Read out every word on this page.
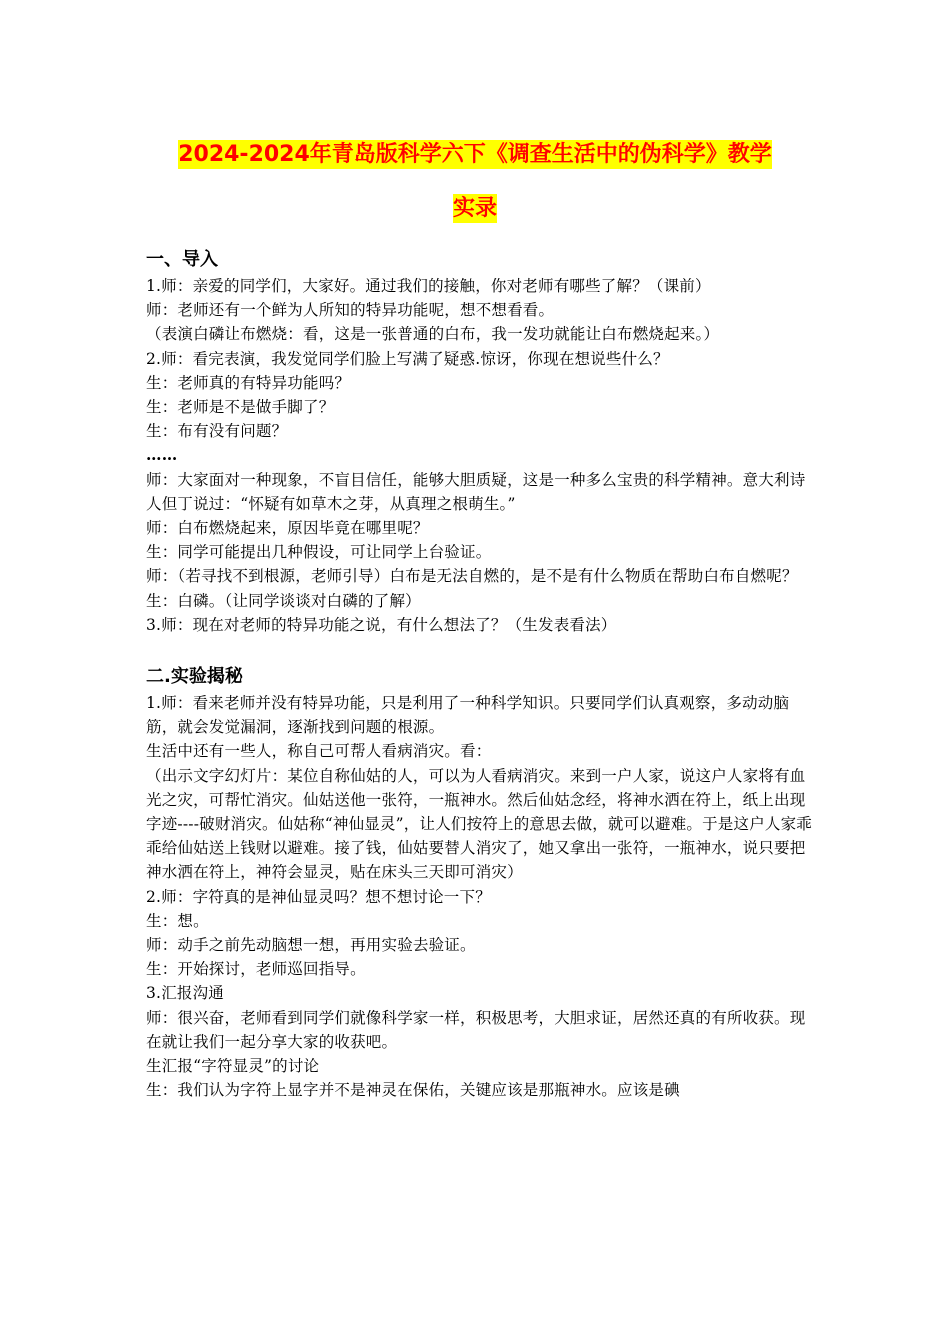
2024-2024年青岛版科学六下《调查生活中的伪科学》教学

实录

一、导入

1.师：亲爱的同学们，大家好。通过我们的接触，你对老师有哪些了解？（课前）

师：老师还有一个鲜为人所知的特异功能呢，想不想看看。

（表演白磷让布燃烧：看，这是一张普通的白布，我一发功就能让白布燃烧起来。）

2.师：看完表演，我发觉同学们脸上写满了疑惑.惊讶，你现在想说些什么？

生：老师真的有特异功能吗？

生：老师是不是做手脚了？

生：布有没有问题？

……

师：大家面对一种现象，不盲目信任，能够大胆质疑，这是一种多么宝贵的科学精神。意大利诗人但丁说过：“怀疑有如草木之芽，从真理之根萌生。”

师：白布燃烧起来，原因毕竟在哪里呢？

生：同学可能提出几种假设，可让同学上台验证。

师：（若寻找不到根源，老师引导）白布是无法自燃的，是不是有什么物质在帮助白布自燃呢？

生：白磷。（让同学谈谈对白磷的了解）

3.师：现在对老师的特异功能之说，有什么想法了？（生发表看法）

二.实验揭秘

1.师：看来老师并没有特异功能，只是利用了一种科学知识。只要同学们认真观察，多动动脑筋，就会发觉漏洞，逐渐找到问题的根源。

生活中还有一些人，称自己可帮人看病消灾。看：

（出示文字幻灯片：某位自称仙姑的人，可以为人看病消灾。来到一户人家，说这户人家将有血光之灾，可帮忙消灾。仙姑送他一张符，一瓶神水。然后仙姑念经，将神水洒在符上，纸上出现字迹----破财消灾。仙姑称“神仙显灵”，让人们按符上的意思去做，就可以避难。于是这户人家乖乖给仙姑送上钱财以避难。接了钱，仙姑要替人消灾了，她又拿出一张符，一瓶神水，说只要把神水洒在符上，神符会显灵，贴在床头三天即可消灾）

2.师：字符真的是神仙显灵吗？想不想讨论一下？

生：想。

师：动手之前先动脑想一想，再用实验去验证。

生：开始探讨，老师巡回指导。

3.汇报沟通

师：很兴奋，老师看到同学们就像科学家一样，积极思考，大胆求证，居然还真的有所收获。现在就让我们一起分享大家的收获吧。

生汇报“字符显灵”的讨论

生：我们认为字符上显字并不是神灵在保佑，关键应该是那瓶神水。应该是碘
